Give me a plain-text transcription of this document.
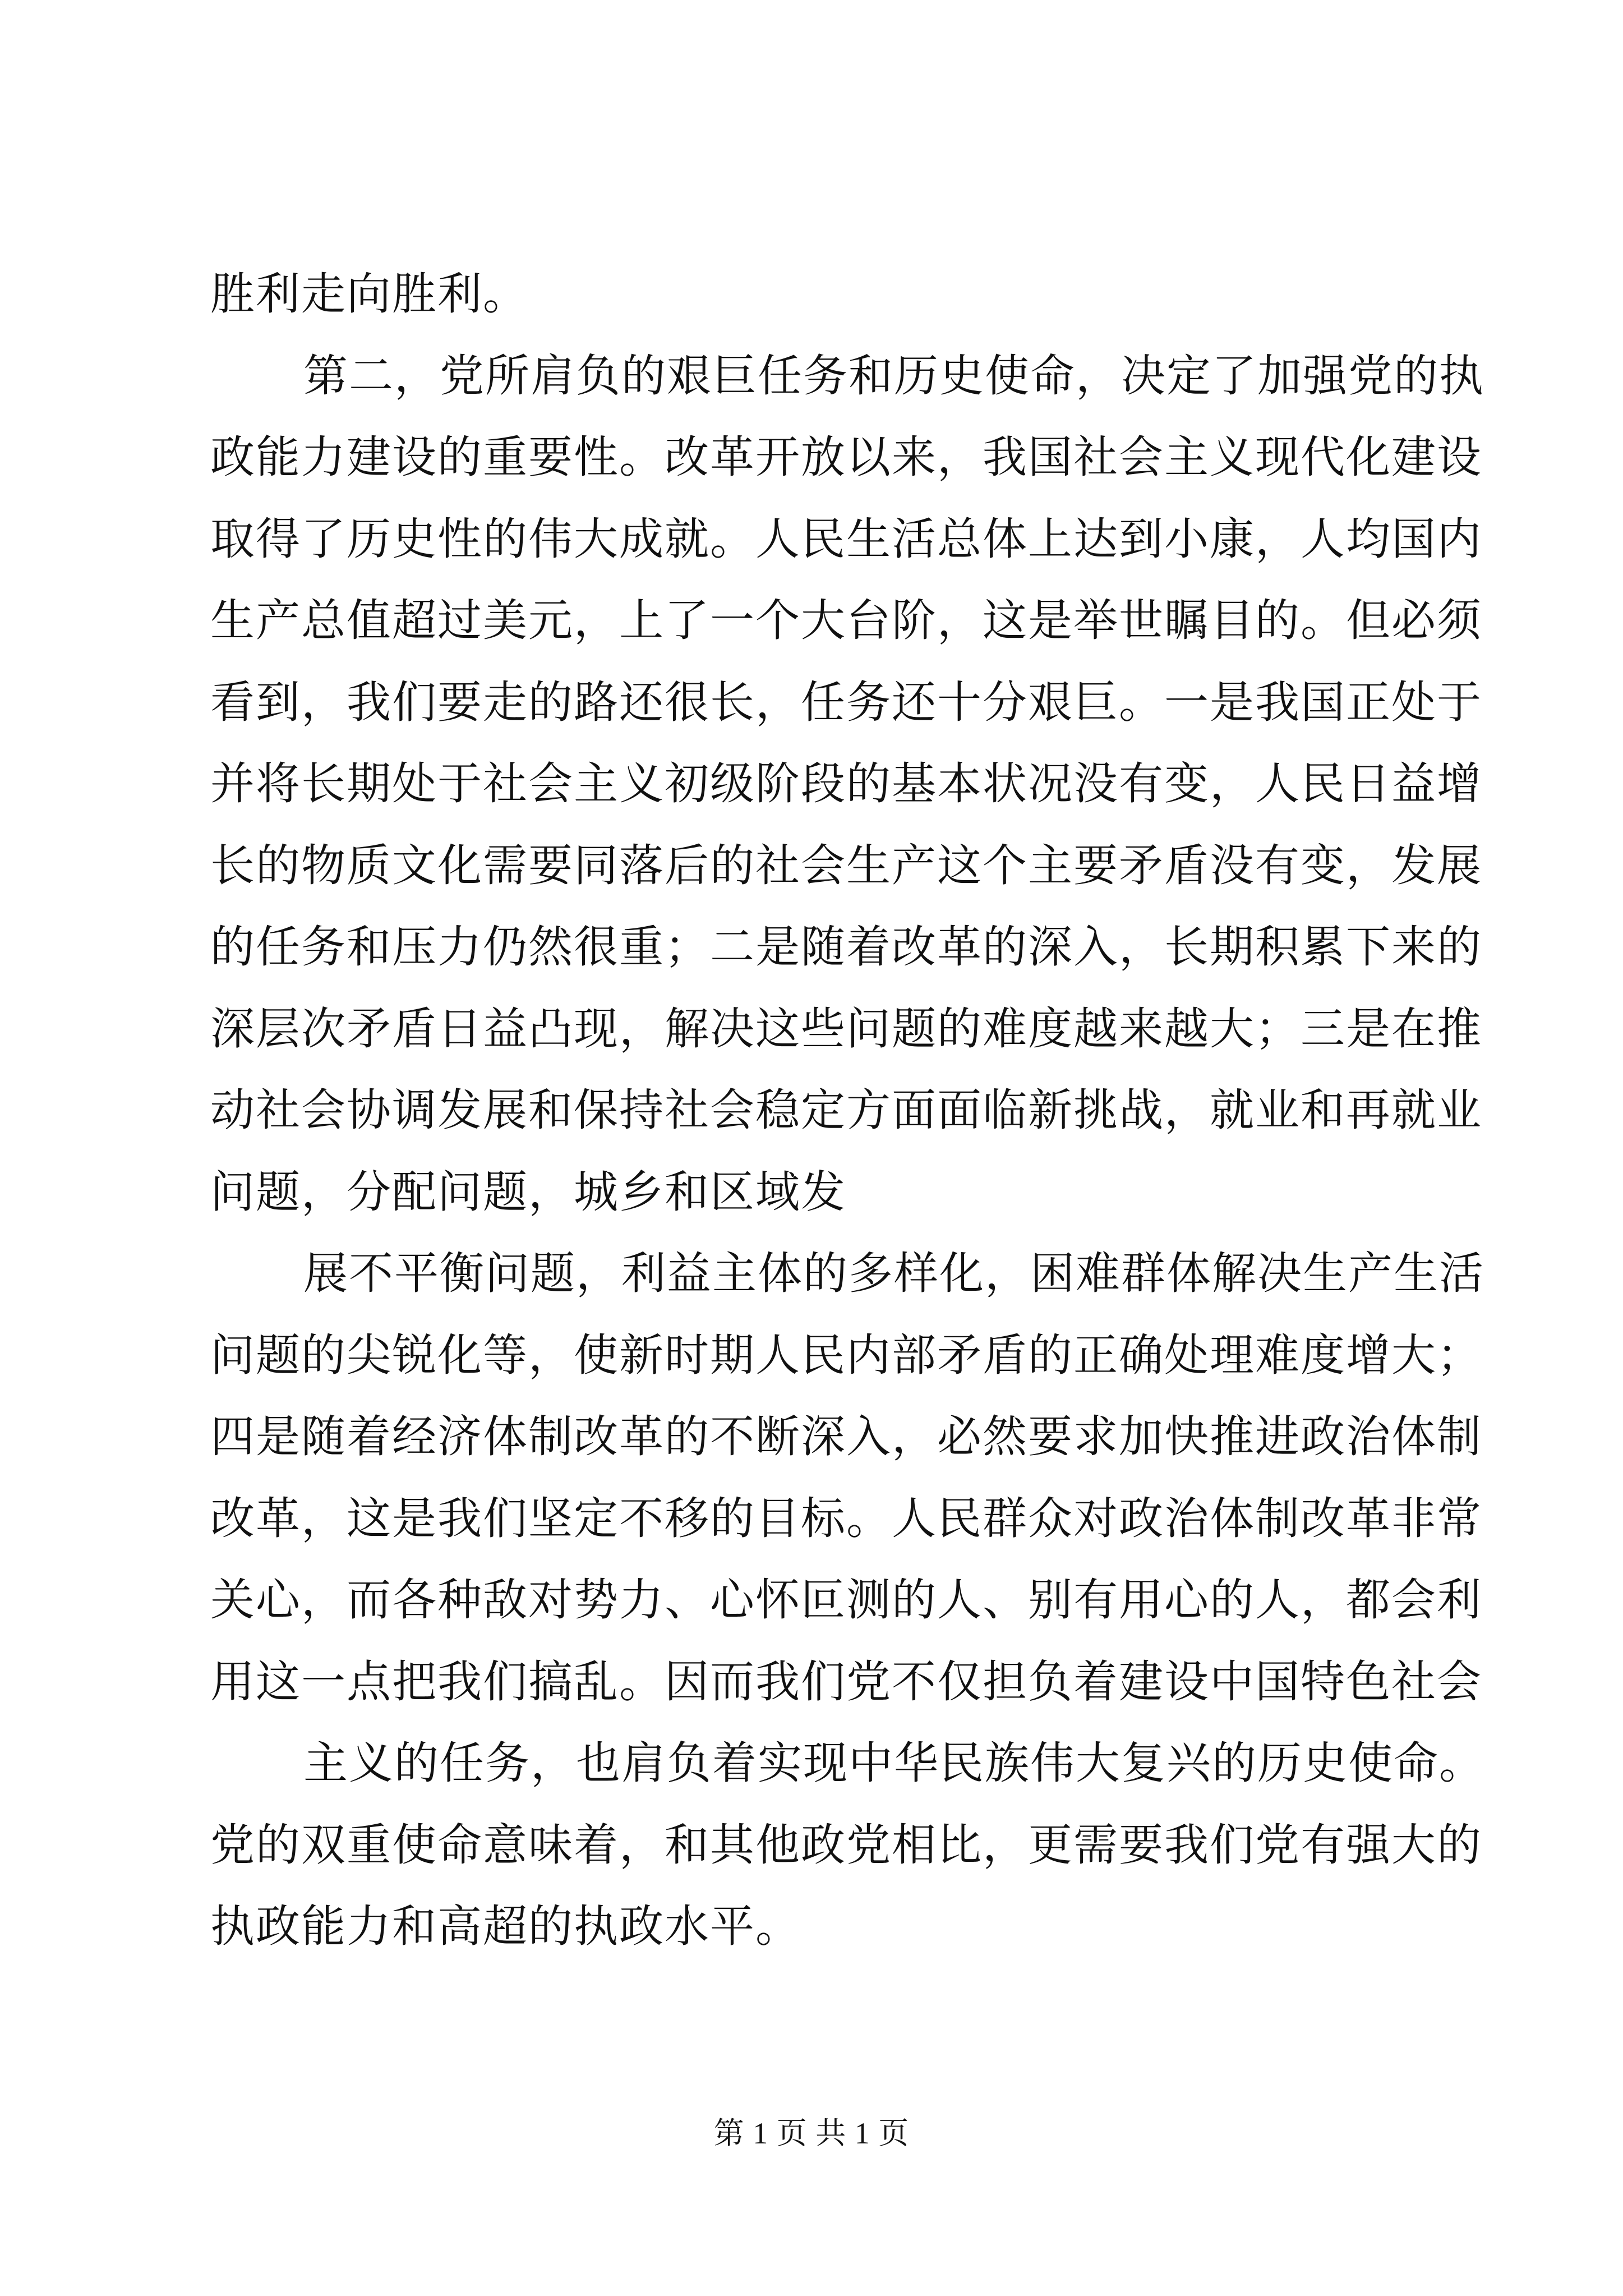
胜利走向胜利。
第二，党所肩负的艰巨任务和历史使命，决定了加强党的执
政能力建设的重要性。改革开放以来，我国社会主义现代化建设
取得了历史性的伟大成就。人民生活总体上达到小康，人均国内
生产总值超过美元，上了一个大台阶，这是举世瞩目的。但必须
看到，我们要走的路还很长，任务还十分艰巨。一是我国正处于
并将长期处于社会主义初级阶段的基本状况没有变，人民日益增
长的物质文化需要同落后的社会生产这个主要矛盾没有变，发展
的任务和压力仍然很重；二是随着改革的深入，长期积累下来的
深层次矛盾日益凸现，解决这些问题的难度越来越大；三是在推
动社会协调发展和保持社会稳定方面面临新挑战，就业和再就业
问题，分配问题，城乡和区域发
展不平衡问题，利益主体的多样化，困难群体解决生产生活
问题的尖锐化等，使新时期人民内部矛盾的正确处理难度增大；
四是随着经济体制改革的不断深入，必然要求加快推进政治体制
改革，这是我们坚定不移的目标。人民群众对政治体制改革非常
关心，而各种敌对势力、心怀叵测的人、别有用心的人，都会利
用这一点把我们搞乱。因而我们党不仅担负着建设中国特色社会
主义的任务，也肩负着实现中华民族伟大复兴的历史使命。
党的双重使命意味着，和其他政党相比，更需要我们党有强大的
执政能力和高超的执政水平。
第 1 页 共 1 页
